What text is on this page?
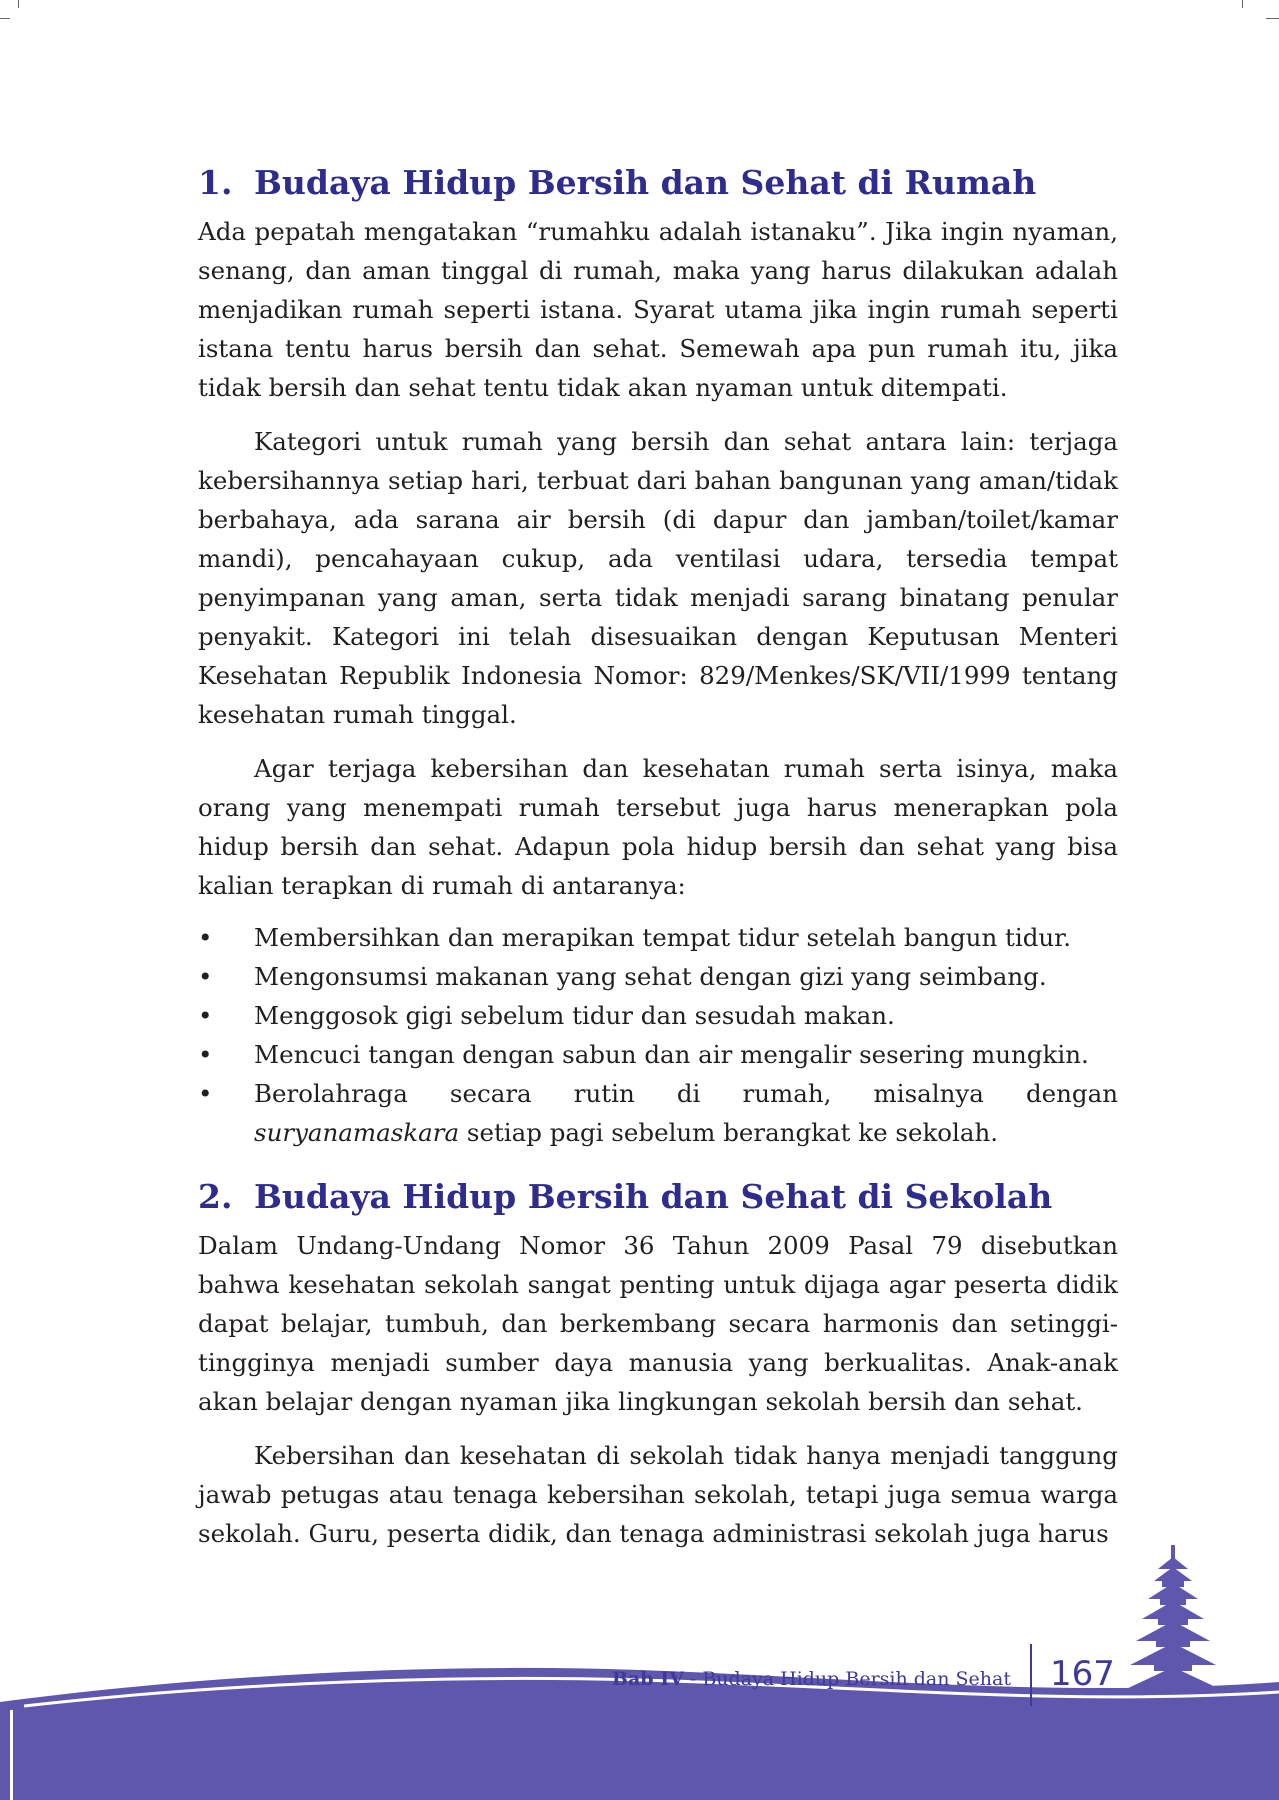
1. Budaya Hidup Bersih dan Sehat di Rumah

Ada pepatah mengatakan “rumahku adalah istanaku”. Jika ingin nyaman, senang, dan aman tinggal di rumah, maka yang harus dilakukan adalah menjadikan rumah seperti istana. Syarat utama jika ingin rumah seperti istana tentu harus bersih dan sehat. Semewah apa pun rumah itu, jika tidak bersih dan sehat tentu tidak akan nyaman untuk ditempati.

Kategori untuk rumah yang bersih dan sehat antara lain: terjaga kebersihannya setiap hari, terbuat dari bahan bangunan yang aman/tidak berbahaya, ada sarana air bersih (di dapur dan jamban/toilet/kamar mandi), pencahayaan cukup, ada ventilasi udara, tersedia tempat penyimpanan yang aman, serta tidak menjadi sarang binatang penular penyakit. Kategori ini telah disesuaikan dengan Keputusan Menteri Kesehatan Republik Indonesia Nomor: 829/Menkes/SK/VII/1999 tentang kesehatan rumah tinggal.

Agar terjaga kebersihan dan kesehatan rumah serta isinya, maka orang yang menempati rumah tersebut juga harus menerapkan pola hidup bersih dan sehat. Adapun pola hidup bersih dan sehat yang bisa kalian terapkan di rumah di antaranya:

• Membersihkan dan merapikan tempat tidur setelah bangun tidur.
• Mengonsumsi makanan yang sehat dengan gizi yang seimbang.
• Menggosok gigi sebelum tidur dan sesudah makan.
• Mencuci tangan dengan sabun dan air mengalir sesering mungkin.
• Berolahraga secara rutin di rumah, misalnya dengan suryanamaskara setiap pagi sebelum berangkat ke sekolah.
2. Budaya Hidup Bersih dan Sehat di Sekolah

Dalam Undang-Undang Nomor 36 Tahun 2009 Pasal 79 disebutkan bahwa kesehatan sekolah sangat penting untuk dijaga agar peserta didik dapat belajar, tumbuh, dan berkembang secara harmonis dan setinggi-tingginya menjadi sumber daya manusia yang berkualitas. Anak-anak akan belajar dengan nyaman jika lingkungan sekolah bersih dan sehat.

Kebersihan dan kesehatan di sekolah tidak hanya menjadi tanggung jawab petugas atau tenaga kebersihan sekolah, tetapi juga semua warga sekolah. Guru, peserta didik, dan tenaga administrasi sekolah juga harus

Bab IV - Budaya Hidup Bersih dan Sehat 167
